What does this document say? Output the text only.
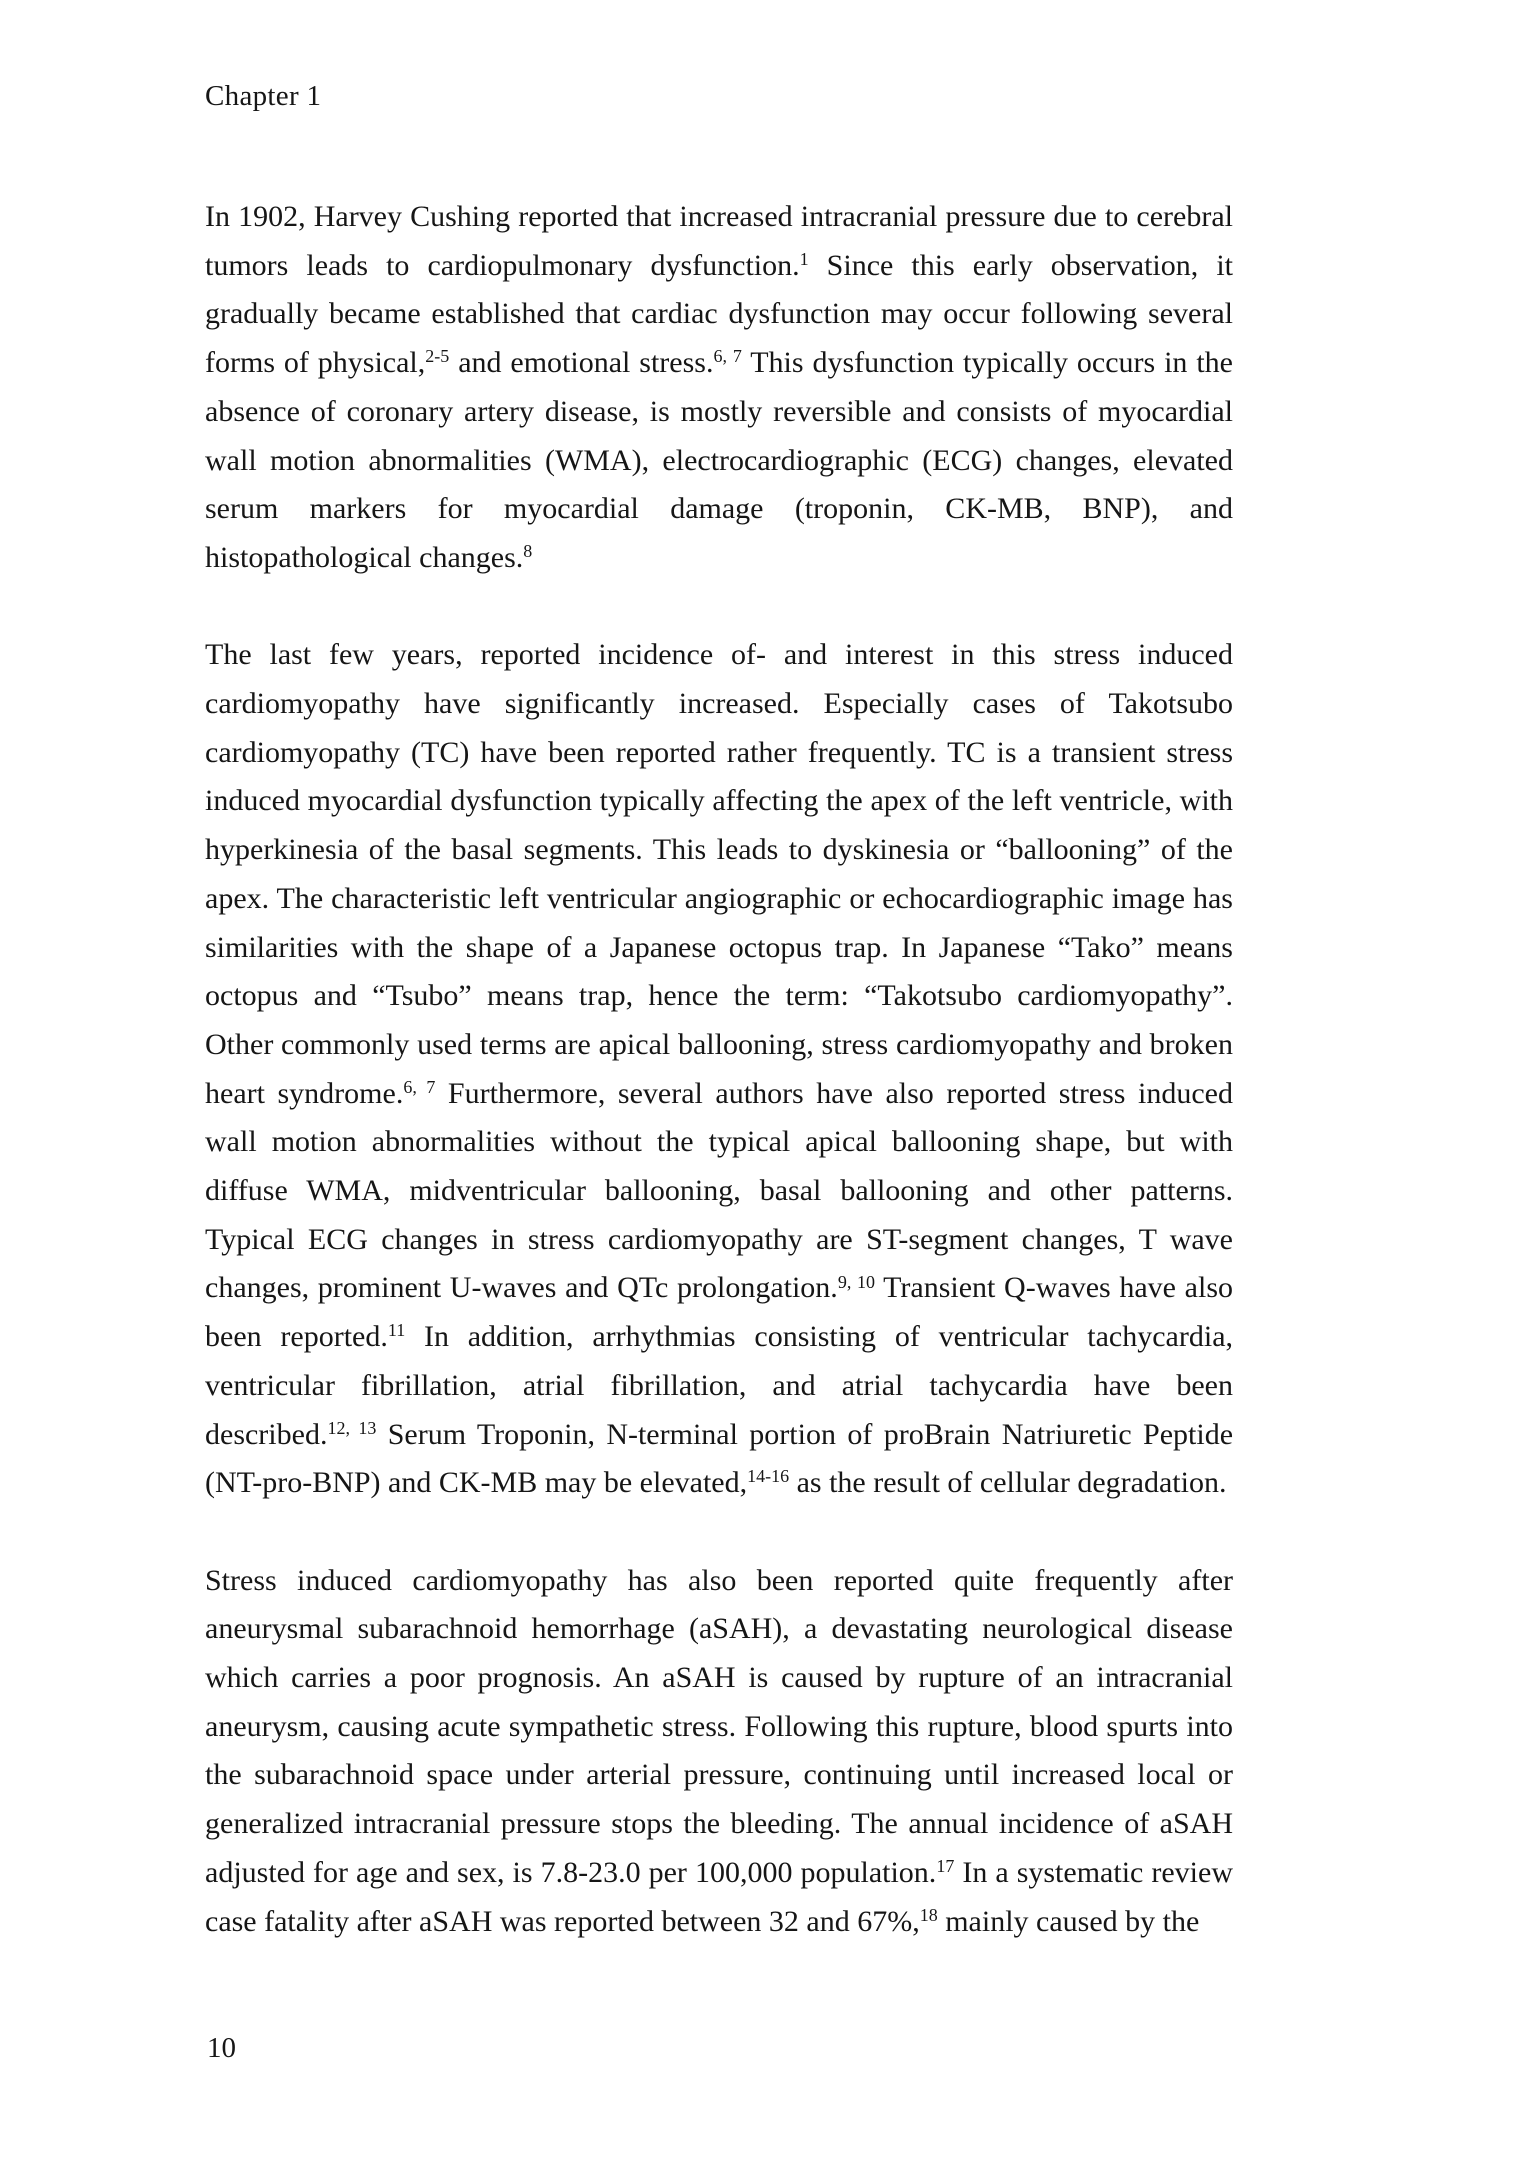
Chapter 1

In 1902, Harvey Cushing reported that increased intracranial pressure due to cerebral tumors leads to cardiopulmonary dysfunction.$^1$ Since this early observation, it gradually became established that cardiac dysfunction may occur following several forms of physical,$^{2-5}$ and emotional stress.$^{6, 7}$ This dysfunction typically occurs in the absence of coronary artery disease, is mostly reversible and consists of myocardial wall motion abnormalities (WMA), electrocardiographic (ECG) changes, elevated serum markers for myocardial damage (troponin, CK-MB, BNP), and histopathological changes.$^8$

The last few years, reported incidence of- and interest in this stress induced cardiomyopathy have significantly increased. Especially cases of Takotsubo cardiomyopathy (TC) have been reported rather frequently. TC is a transient stress induced myocardial dysfunction typically affecting the apex of the left ventricle, with hyperkinesia of the basal segments. This leads to dyskinesia or “ballooning” of the apex. The characteristic left ventricular angiographic or echocardiographic image has similarities with the shape of a Japanese octopus trap. In Japanese “Tako” means octopus and “Tsubo” means trap, hence the term: “Takotsubo cardiomyopathy”. Other commonly used terms are apical ballooning, stress cardiomyopathy and broken heart syndrome.$^{6, 7}$ Furthermore, several authors have also reported stress induced wall motion abnormalities without the typical apical ballooning shape, but with diffuse WMA, midventricular ballooning, basal ballooning and other patterns. Typical ECG changes in stress cardiomyopathy are ST-segment changes, T wave changes, prominent U-waves and QTc prolongation.$^{9, 10}$ Transient Q-waves have also been reported.$^{11}$ In addition, arrhythmias consisting of ventricular tachycardia, ventricular fibrillation, atrial fibrillation, and atrial tachycardia have been described.$^{12, 13}$ Serum Troponin, N-terminal portion of proBrain Natriuretic Peptide (NT-pro-BNP) and CK-MB may be elevated,$^{14-16}$ as the result of cellular degradation.

Stress induced cardiomyopathy has also been reported quite frequently after aneurysmal subarachnoid hemorrhage (aSAH), a devastating neurological disease which carries a poor prognosis. An aSAH is caused by rupture of an intracranial aneurysm, causing acute sympathetic stress. Following this rupture, blood spurts into the subarachnoid space under arterial pressure, continuing until increased local or generalized intracranial pressure stops the bleeding. The annual incidence of aSAH adjusted for age and sex, is 7.8-23.0 per 100,000 population.$^{17}$ In a systematic review case fatality after aSAH was reported between 32 and 67%,$^{18}$ mainly caused by the

10
